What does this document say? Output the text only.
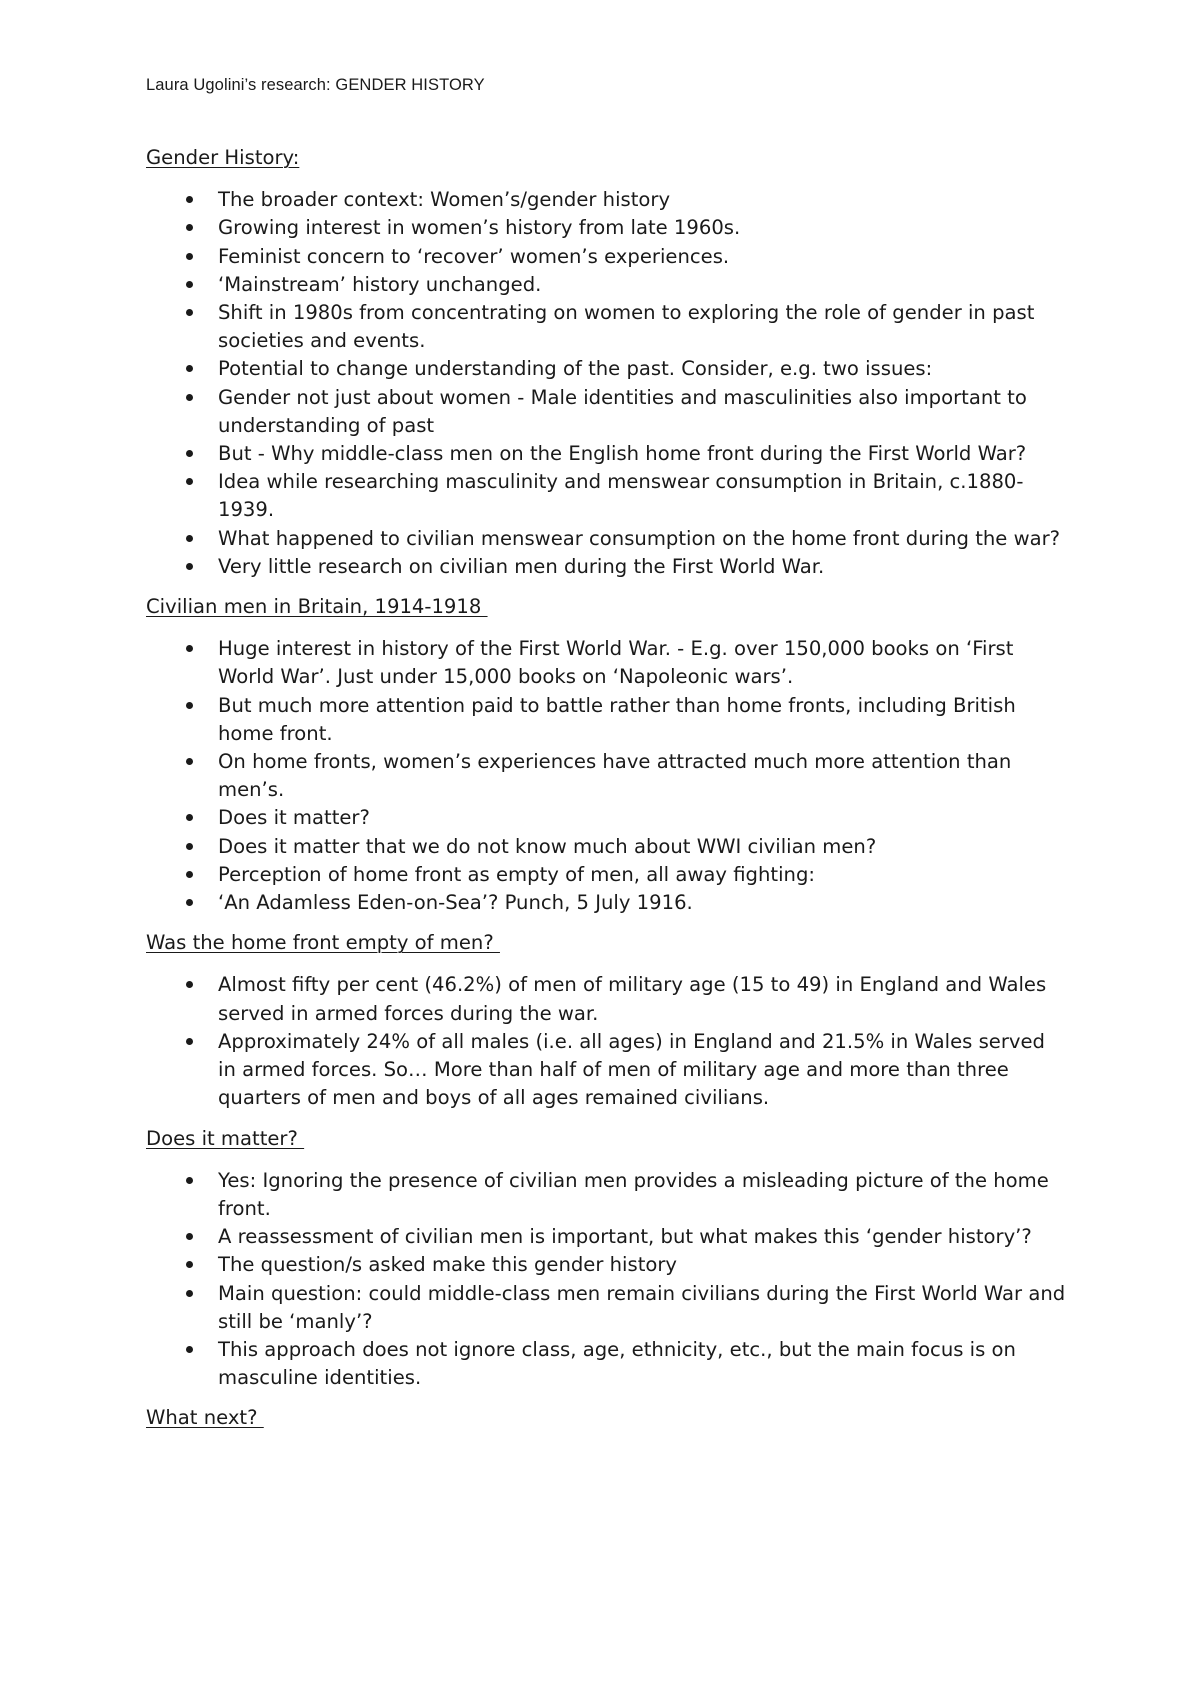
Laura Ugolini’s research: GENDER HISTORY
Gender History:
The broader context: Women’s/gender history
Growing interest in women’s history from late 1960s.
Feminist concern to ‘recover’ women’s experiences.
‘Mainstream’ history unchanged.
Shift in 1980s from concentrating on women to exploring the role of gender in past societies and events.
Potential to change understanding of the past. Consider, e.g. two issues:
Gender not just about women - Male identities and masculinities also important to understanding of past
But - Why middle-class men on the English home front during the First World War?
Idea while researching masculinity and menswear consumption in Britain, c.1880-1939.
What happened to civilian menswear consumption on the home front during the war?
Very little research on civilian men during the First World War.
Civilian men in Britain, 1914-1918
Huge interest in history of the First World War. - E.g. over 150,000 books on ‘First World War’. Just under 15,000 books on ‘Napoleonic wars’.
But much more attention paid to battle rather than home fronts, including British home front.
On home fronts, women’s experiences have attracted much more attention than men’s.
Does it matter?
Does it matter that we do not know much about WWI civilian men?
Perception of home front as empty of men, all away fighting:
‘An Adamless Eden-on-Sea’? Punch, 5 July 1916.
Was the home front empty of men?
Almost fifty per cent (46.2%) of men of military age (15 to 49) in England and Wales served in armed forces during the war.
Approximately 24% of all males (i.e. all ages) in England and 21.5% in Wales served in armed forces. So… More than half of men of military age and more than three quarters of men and boys of all ages remained civilians.
Does it matter?
Yes: Ignoring the presence of civilian men provides a misleading picture of the home front.
A reassessment of civilian men is important, but what makes this ‘gender history’?
The question/s asked make this gender history
Main question: could middle-class men remain civilians during the First World War and still be ‘manly’?
This approach does not ignore class, age, ethnicity, etc., but the main focus is on masculine identities.
What next?
